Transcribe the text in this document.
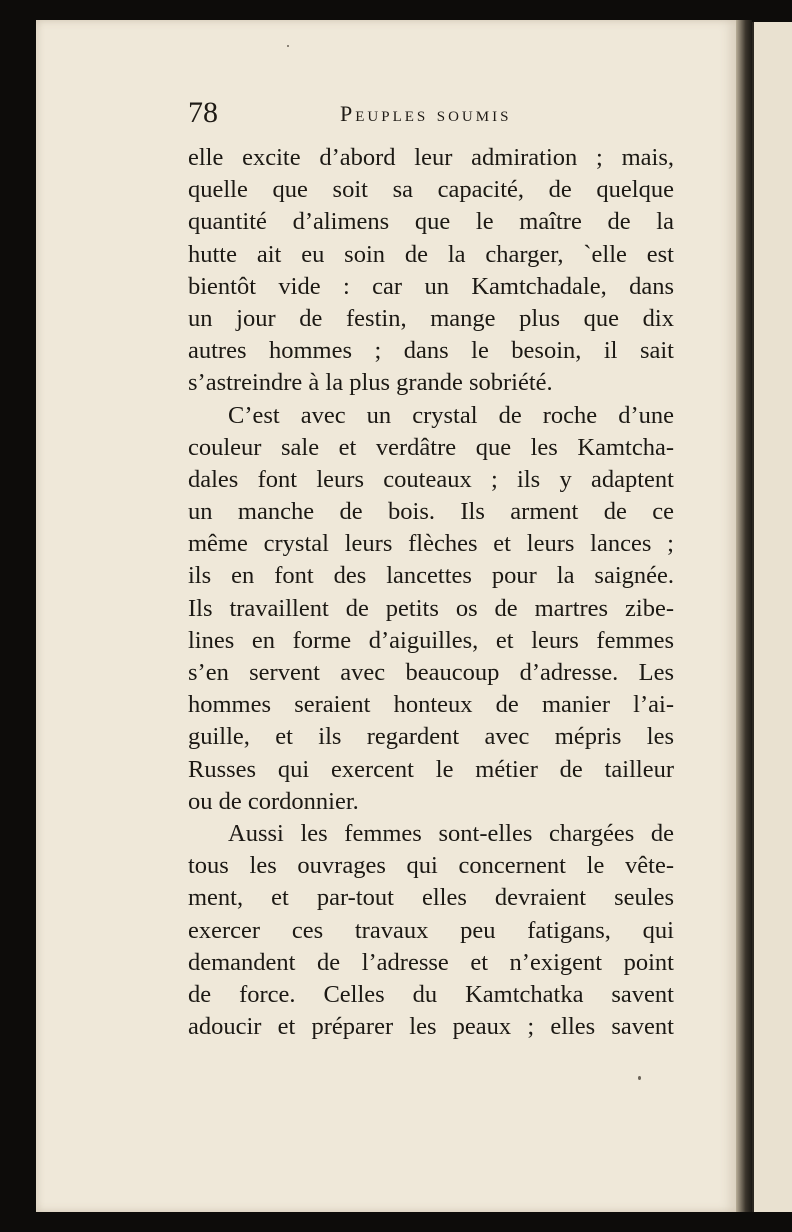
78	Peuples soumis
elle excite d’abord leur admiration ; mais,
quelle que soit sa capacité, de quelque
quantité d’alimens que le maître de la
hutte ait eu soin de la charger, `elle est
bientôt vide : car un Kamtchadale, dans
un jour de festin, mange plus que dix
autres hommes ; dans le besoin, il sait
s’astreindre à la plus grande sobriété.
C’est avec un crystal de roche d’une
couleur sale et verdâtre que les Kamtcha-
dales font leurs couteaux ; ils y adaptent
un manche de bois. Ils arment de ce
même crystal leurs flèches et leurs lances ;
ils en font des lancettes pour la saignée.
Ils travaillent de petits os de martres zibe-
lines en forme d’aiguilles, et leurs femmes
s’en servent avec beaucoup d’adresse. Les
hommes seraient honteux de manier l’ai-
guille, et ils regardent avec mépris les
Russes qui exercent le métier de tailleur
ou de cordonnier.
Aussi les femmes sont-elles chargées de
tous les ouvrages qui concernent le vête-
ment, et par-tout elles devraient seules
exercer ces travaux peu fatigans, qui
demandent de l’adresse et n’exigent point
de force. Celles du Kamtchatka savent
adoucir et préparer les peaux ; elles savent
